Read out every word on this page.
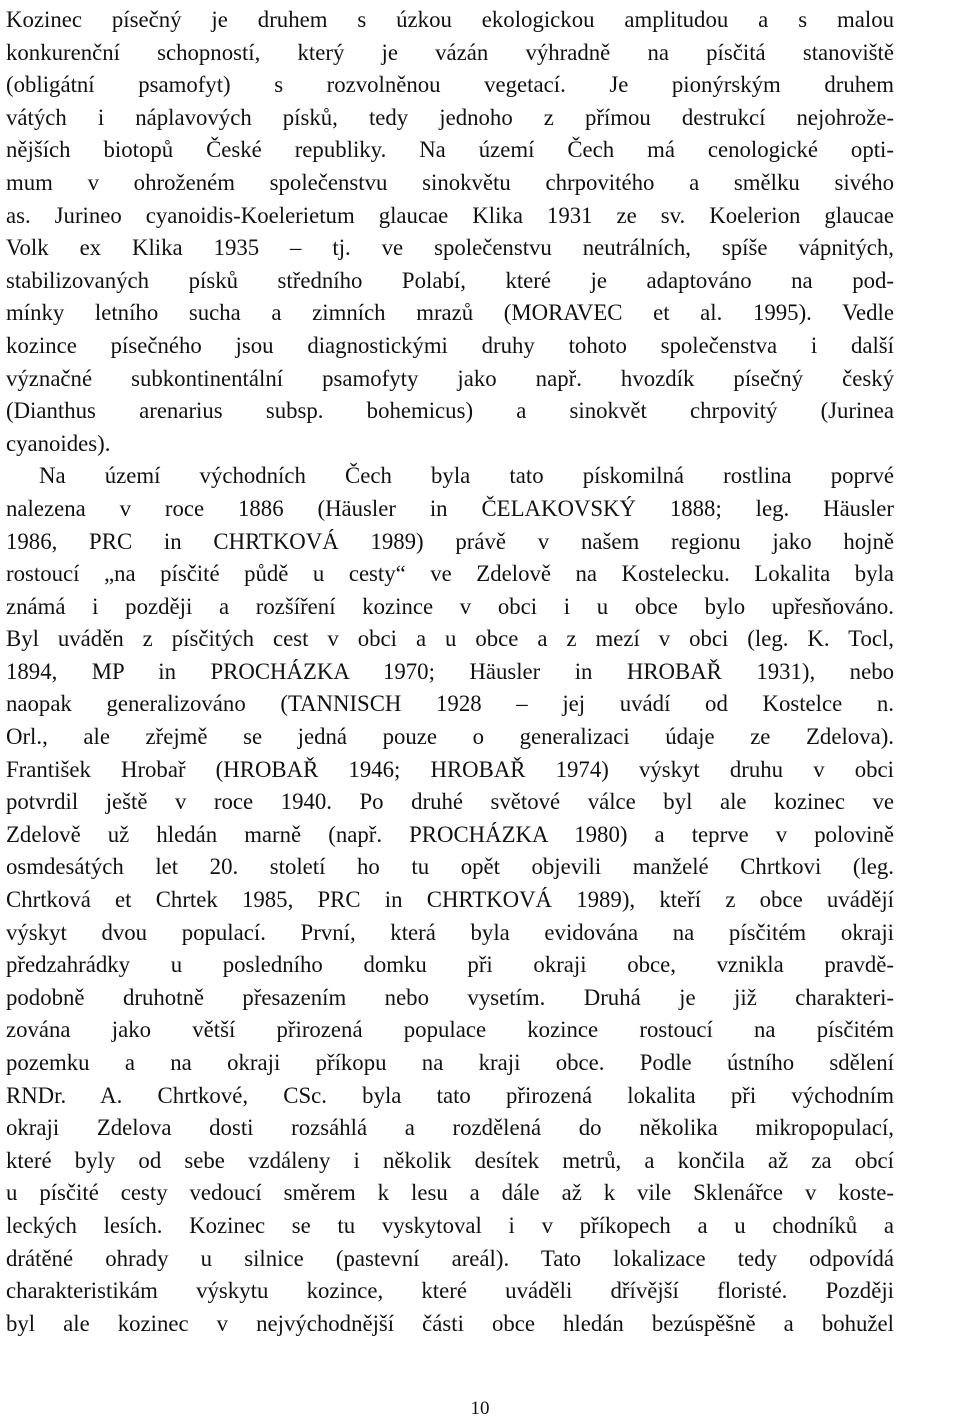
Kozinec písečný je druhem s úzkou ekologickou amplitudou a s malou
konkurenční schopností, který je vázán výhradně na písčitá stanoviště
(obligátní psamofyt) s rozvolněnou vegetací. Je pionýrským druhem
vátých i náplavových písků, tedy jednoho z přímou destrukcí nejohrože-
nějších biotopů České republiky. Na území Čech má cenologické opti-
mum v ohroženém společenstvu sinokvětu chrpovitého a smělku sivého
as. Jurineo cyanoidis-Koelerietum glaucae Klika 1931 ze sv. Koelerion glaucae
Volk ex Klika 1935 – tj. ve společenstvu neutrálních, spíše vápnitých,
stabilizovaných písků středního Polabí, které je adaptováno na pod-
mínky letního sucha a zimních mrazů (MORAVEC et al. 1995). Vedle
kozince písečného jsou diagnostickými druhy tohoto společenstva i další
význačné subkontinentální psamofyty jako např. hvozdík písečný český
(Dianthus arenarius subsp. bohemicus) a sinokvět chrpovitý (Jurinea
cyanoides).
Na území východních Čech byla tato pískomilná rostlina poprvé
nalezena v roce 1886 (Häusler in ČELAKOVSKÝ 1888; leg. Häusler
1986, PRC in CHRTKOVÁ 1989) právě v našem regionu jako hojně
rostoucí „na písčité půdě u cesty“ ve Zdelově na Kostelecku. Lokalita byla
známá i později a rozšíření kozince v obci i u obce bylo upřesňováno.
Byl uváděn z písčitých cest v obci a u obce a z mezí v obci (leg. K. Tocl,
1894, MP in PROCHÁZKA 1970; Häusler in HROBAŘ 1931), nebo
naopak generalizováno (TANNISCH 1928 – jej uvádí od Kostelce n.
Orl., ale zřejmě se jedná pouze o generalizaci údaje ze Zdelova).
František Hrobař (HROBAŘ 1946; HROBAŘ 1974) výskyt druhu v obci
potvrdil ještě v roce 1940. Po druhé světové válce byl ale kozinec ve
Zdelově už hledán marně (např. PROCHÁZKA 1980) a teprve v polovině
osmdesátých let 20. století ho tu opět objevili manželé Chrtkovi (leg.
Chrtková et Chrtek 1985, PRC in CHRTKOVÁ 1989), kteří z obce uvádějí
výskyt dvou populací. První, která byla evidována na písčitém okraji
předzahrádky u posledního domku při okraji obce, vznikla pravdě-
podobně druhotně přesazením nebo vysetím. Druhá je již charakteri-
zována jako větší přirozená populace kozince rostoucí na písčitém
pozemku a na okraji příkopu na kraji obce. Podle ústního sdělení
RNDr. A. Chrtkové, CSc. byla tato přirozená lokalita při východním
okraji Zdelova dosti rozsáhlá a rozdělená do několika mikropopulací,
které byly od sebe vzdáleny i několik desítek metrů, a končila až za obcí
u písčité cesty vedoucí směrem k lesu a dále až k vile Sklenářce v koste-
leckých lesích. Kozinec se tu vyskytoval i v příkopech a u chodníků a
drátěné ohrady u silnice (pastevní areál). Tato lokalizace tedy odpovídá
charakteristikám výskytu kozince, které uváděli dřívější floristé. Později
byl ale kozinec v nejvýchodnější části obce hledán bezúspěšně a bohužel
10
